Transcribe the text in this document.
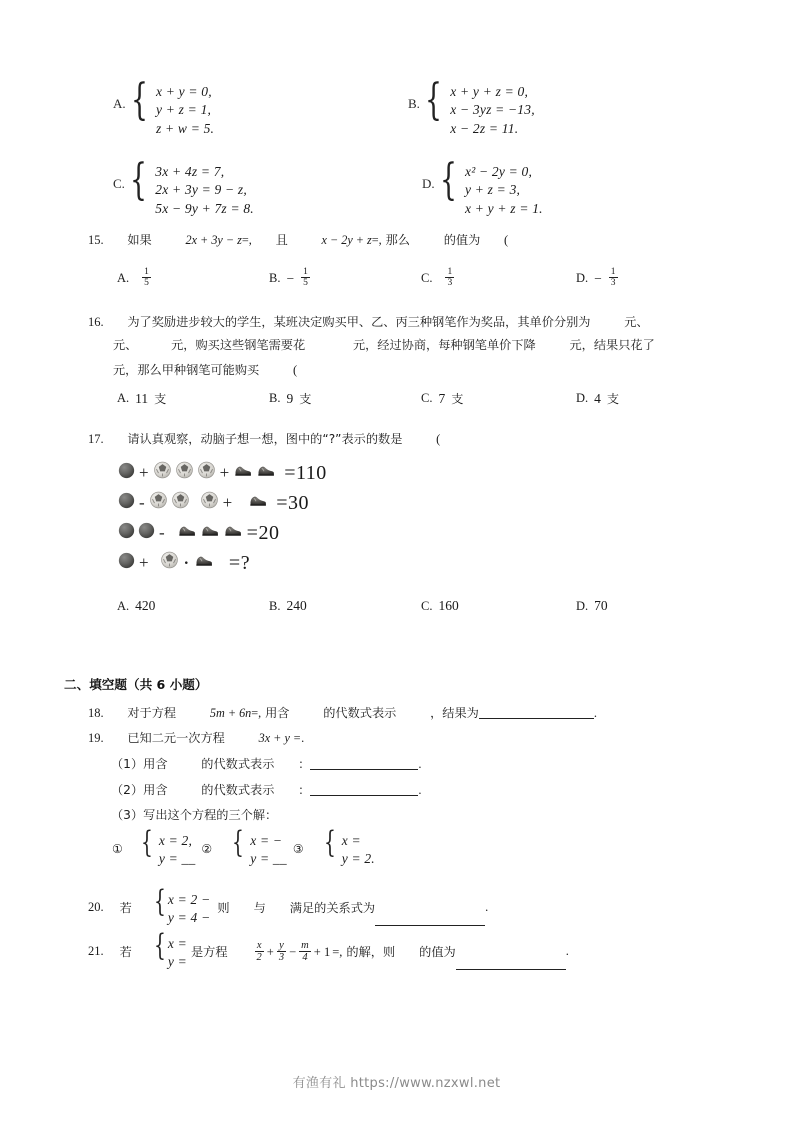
A. { x + y = 0,
y + z = 1,
z + w = 5.
B. { x + y + z = 0,
x − 3yz = −13,
x − 2z = 11.
C. { 3x + 4z = 7,
2x + 3y = 9 − z,
5x − 9y + 7z = 8.
D. { x² − 2y = 0,
y + z = 3,
x + y + z = 1.
15. 如果	2x + 3y − z=, 且	x − 2y + z=, 那么	的值为 (
A. $\frac{1}{5}$	B. − $\frac{1}{5}$	C. $\frac{1}{3}$	D. − $\frac{1}{3}$
16. 为了奖励进步较大的学生，某班决定购买甲、乙、丙三种钢笔作为奖品，其单价分别为	元、
元、	元，购买这些钢笔需要花	元，经过协商，每种钢笔单价下降	元，结果只花了
元，那么甲种钢笔可能购买	(
A. 11 支	B. 9 支	C. 7 支	D. 4 支
17. 请认真观察，动脑子想一想，图中的“?”表示的数是	(
+	+	=110
-	+ =30
-	=20
+ · =?
A. 420	B. 240	C. 160	D. 70
二、填空题（共 6 小题）
18. 对于方程	5m + 6n=, 用含	的代数式表示	，结果为	.
19. 已知二元一次方程	3x + y =.
（1）用含	的代数式表示 ：	.
（2）用含	的代数式表示 ：	.
（3）写出这个方程的三个解：
① { x = 2,
y = __
② { x = −
y = __
③ { x =
y = 2.
20. 若 { x = 2 −
y = 4 −
则 与 满足的关系式为	.
21. 若 { x =
y =
是方程	$\frac{x}{2} + \frac{y}{3} - \frac{m}{4} + 1$ =, 的解，则 的值为	.
有渔有礼 https://www.nzxwl.net
